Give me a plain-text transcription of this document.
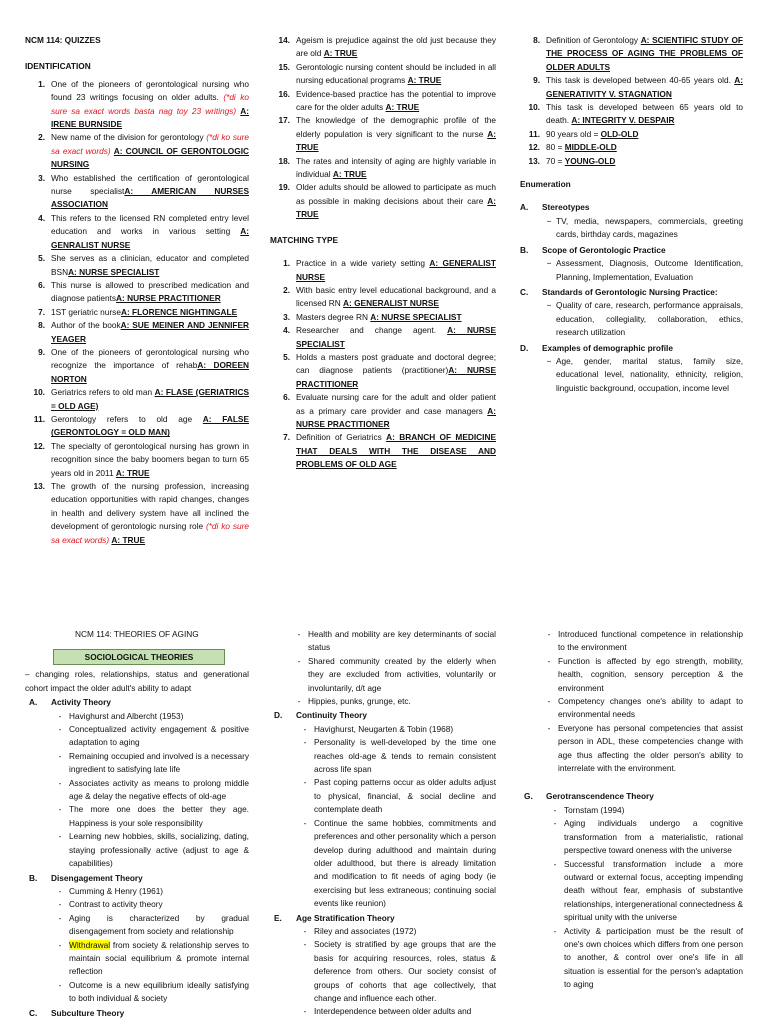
NCM 114: QUIZZES
IDENTIFICATION
1. One of the pioneers of gerontological nursing who found 23 writings focusing on older adults. (*di ko sure sa exact words basta nag toy 23 writings) A: IRENE BURNSIDE
2. New name of the division for gerontology (*di ko sure sa exact words) A: COUNCIL OF GERONTOLOGIC NURSING
3. Who established the certification of gerontological nurse specialistA: AMERICAN NURSES ASSOCIATION
4. This refers to the licensed RN completed entry level education and works in various setting A: GENRALIST NURSE
5. She serves as a clinician, educator and completed BSNA: NURSE SPECIALIST
6. This nurse is allowed to prescribed medication and diagnose patientsA: NURSE PRACTITIONER
7. 1ST geriatric nurseA: FLORENCE NIGHTINGALE
8. Author of the bookA: SUE MEINER AND JENNIFER YEAGER
9. One of the pioneers of gerontological nursing who recognize the importance of rehabA: DOREEN NORTON
10. Geriatrics refers to old man A: FLASE (GERIATRICS = OLD AGE)
11. Gerontology refers to old age A: FALSE (GERONTOLOGY = OLD MAN)
12. The specialty of gerontological nursing has grown in recognition since the baby boomers began to turn 65 years old in 2011 A: TRUE
13. The growth of the nursing profession, increasing education opportunities with rapid changes, changes in health and delivery system have all inclined the development of gerontologic nursing role (*di ko sure sa exact words) A: TRUE
14. Ageism is prejudice against the old just because they are old A: TRUE
15. Gerontologic nursing content should be included in all nursing educational programs A: TRUE
16. Evidence-based practice has the potential to improve care for the older adults A: TRUE
17. The knowledge of the demographic profile of the elderly population is very significant to the nurse A: TRUE
18. The rates and intensity of aging are highly variable in individual A: TRUE
19. Older adults should be allowed to participate as much as possible in making decisions about their care A: TRUE
MATCHING TYPE
1. Practice in a wide variety setting A: GENERALIST NURSE
2. With basic entry level educational background, and a licensed RN A: GENERALIST NURSE
3. Masters degree RN A: NURSE SPECIALIST
4. Researcher and change agent. A: NURSE SPECIALIST
5. Holds a masters post graduate and doctoral degree; can diagnose patients (practitioner)A: NURSE PRACTITIONER
6. Evaluate nursing care for the adult and older patient as a primary care provider and case managers A: NURSE PRACTITIONER
7. Definition of Geriatrics A: BRANCH OF MEDICINE THAT DEALS WITH THE DISEASE AND PROBLEMS OF OLD AGE
8. Definition of Gerontology A: SCIENTIFIC STUDY OF THE PROCESS OF AGING THE PROBLEMS OF OLDER ADULTS
9. This task is developed between 40-65 years old. A: GENERATIVITY V. STAGNATION
10. This task is developed between 65 years old to death. A: INTEGRITY V. DESPAIR
11. 90 years old = OLD-OLD
12. 80 = MIDDLE-OLD
13. 70 = YOUNG-OLD
Enumeration
A.	Stereotypes
− TV, media, newspapers, commercials, greeting cards, birthday cards, magazines
B.	Scope of Gerontologic Practice
− Assessment, Diagnosis, Outcome Identification, Planning, Implementation, Evaluation
C.	Standards of Gerontologic Nursing Practice:
− Quality of care, research, performance appraisals, education, collegiality, collaboration, ethics, research utilization
D.	Examples of demographic profile
− Age, gender, marital status, family size, educational level, nationality, ethnicity, religion, linguistic background, occupation, income level
NCM 114: THEORIES OF AGING
SOCIOLOGICAL THEORIES
– changing roles, relationships, status and generational cohort impact the older adult's ability to adapt
A.	Activity Theory
- Havighurst and Albercht (1953)
- Conceptualized activity engagement & positive adaptation to aging
- Remaining occupied and involved is a necessary ingredient to satisfying late life
- Associates activity as means to prolong middle age & delay the negative effects of old-age
- The more one does the better they age. Happiness is your sole responsibility
- Learning new hobbies, skills, socializing, dating, staying professionally active (adjust to age & capabilities)
B.	Disengagement Theory
- Cumming & Henry (1961)
- Contrast to activity theory
- Aging is characterized by gradual disengagement from society and relationship
- Withdrawal from society & relationship serves to maintain social equilibrium & promote internal reflection
- Outcome is a new equilibrium ideally satisfying to both individual & society
C.	Subculture Theory
- Health and mobility are key determinants of social status
- Shared community created by the elderly when they are excluded from activities, voluntarily or involuntarily, d/t age
- Hippies, punks, grunge, etc.
D.	Continuity Theory
- Havighurst, Neugarten & Tobin (1968)
- Personality is well-developed by the time one reaches old-age & tends to remain consistent across life span
- Past coping patterns occur as older adults adjust to physical, financial, & social decline and contemplate death
- Continue the same hobbies, commitments and preferences and other personality which a person develop during adulthood and maintain during older adulthood, but there is already limitation and modification to fit needs of aging body (ie exercising but less extraneous; continuing social events like reunion)
E.	Age Stratification Theory
- Riley and associates (1972)
- Society is stratified by age groups that are the basis for acquiring resources, roles, status & deference from others. Our society consist of groups of cohorts that age collectively, that change and influence each other.
- Interdependence between older adults and
- Introduced functional competence in relationship to the environment
- Function is affected by ego strength, mobility, health, cognition, sensory perception & the environment
- Competency changes one's ability to adapt to environmental needs
- Everyone has personal competencies that assist person in ADL, these competencies change with age thus affecting the older person's ability to interrelate with the environment.
G.	Gerotranscendence Theory
- Tornstam (1994)
- Aging individuals undergo a cognitive transformation from a materialistic, rational perspective toward oneness with the universe
- Successful transformation include a more outward or external focus, accepting impending death without fear, emphasis of substantive relationships, intergenerational connectedness & spiritual unity with the universe
- Activity & participation must be the result of one's own choices which differs from one person to another, & control over one's life in all situation is essential for the person's adaptation to aging
